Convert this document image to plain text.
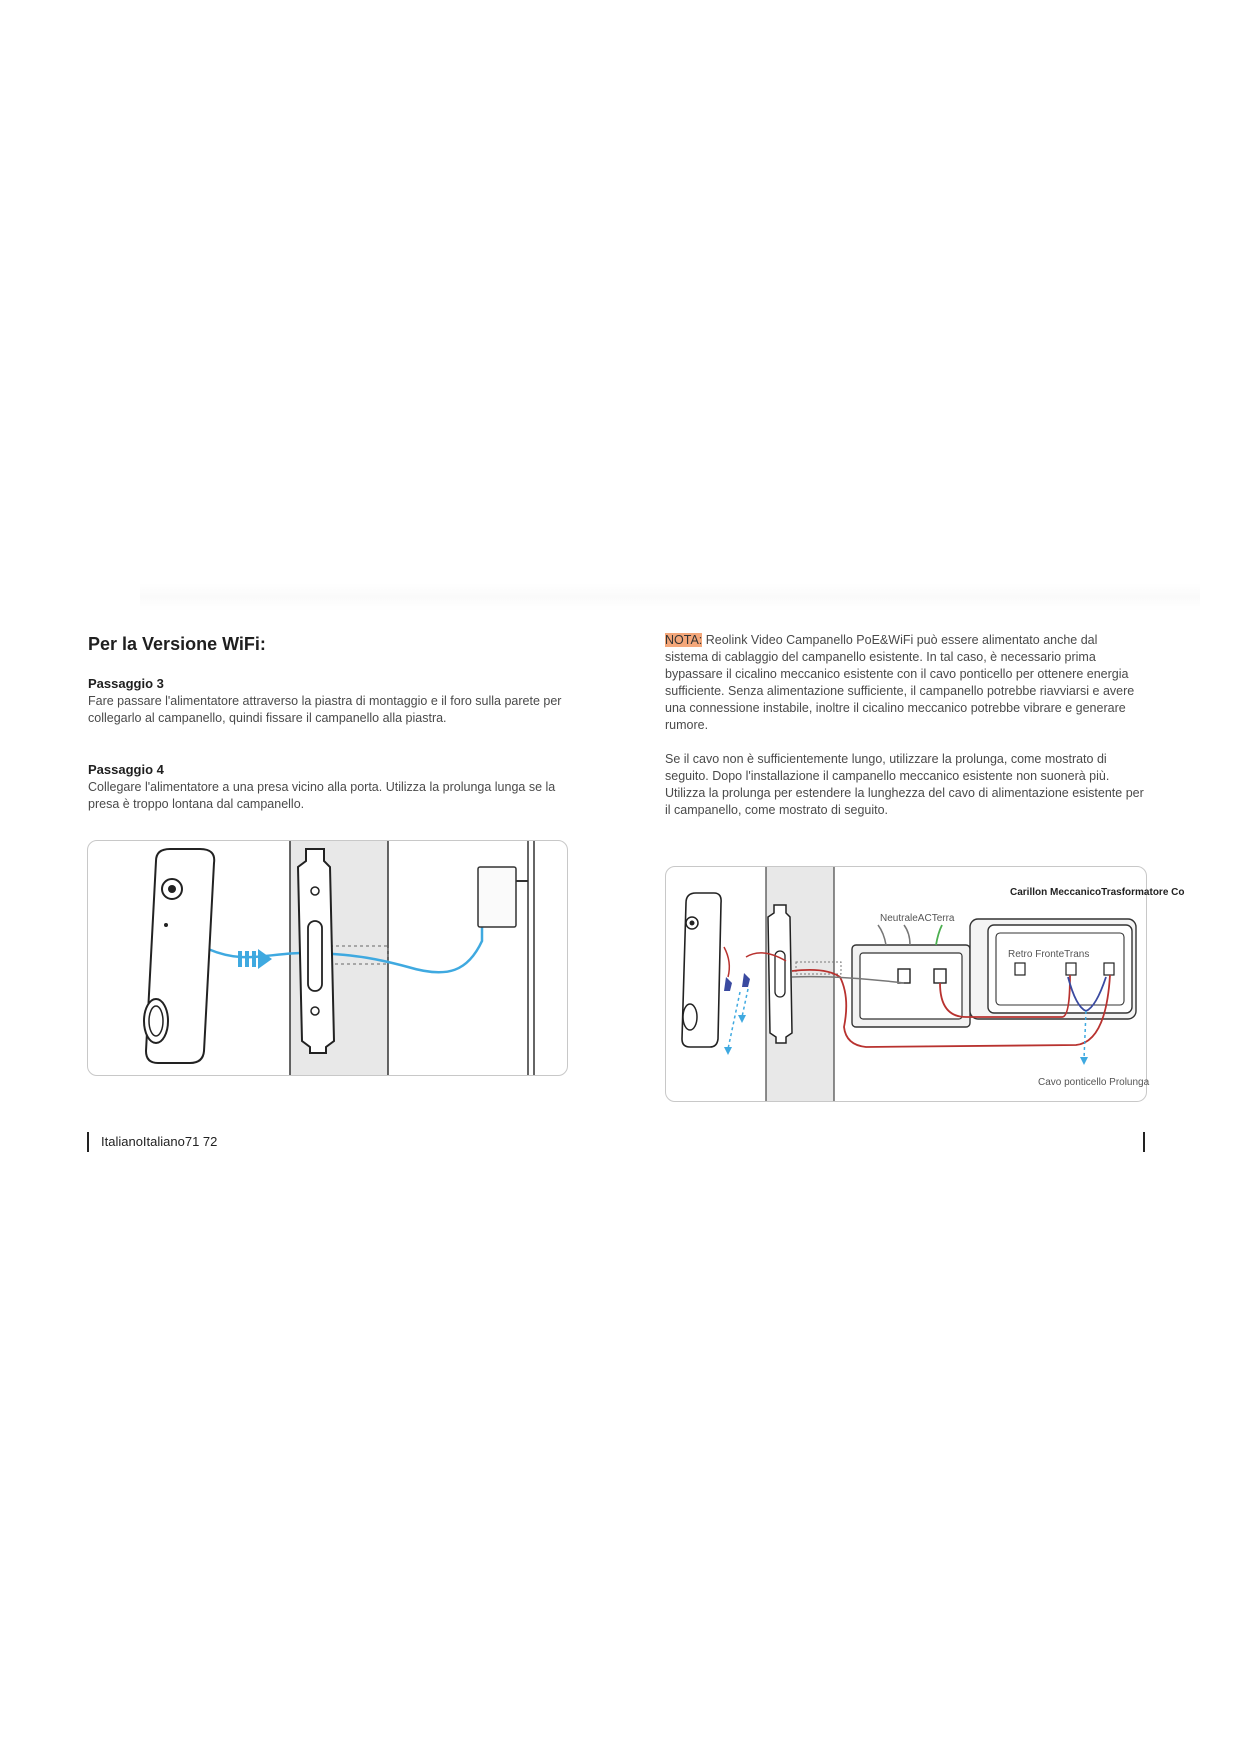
Per la Versione WiFi:
Passaggio 3

Fare passare l'alimentatore attraverso la piastra di montaggio e il foro sulla parete per collegarlo al campanello, quindi fissare il campanello alla piastra.

Passaggio 4

Collegare l'alimentatore a una presa vicino alla porta. Utilizza la prolunga lunga se la presa è troppo lontana dal campanello.

NOTA: Reolink Video Campanello PoE&WiFi può essere alimentato anche dal sistema di cablaggio del campanello esistente. In tal caso, è necessario prima bypassare il cicalino meccanico esistente con il cavo ponticello per ottenere energia sufficiente. Senza alimentazione sufficiente, il campanello potrebbe riavviarsi e avere una connessione instabile, inoltre il cicalino meccanico potrebbe vibrare e generare rumore.

Se il cavo non è sufficientemente lungo, utilizzare la prolunga, come mostrato di seguito. Dopo l'installazione il campanello meccanico esistente non suonerà più. Utilizza la prolunga per estendere la lunghezza del cavo di alimentazione esistente per il campanello, come mostrato di seguito.

Carillon MeccanicoTrasformatore Co
NeutraleACTerra
Retro FronteTrans
Cavo ponticello Prolunga
ItalianoItaliano71 72
